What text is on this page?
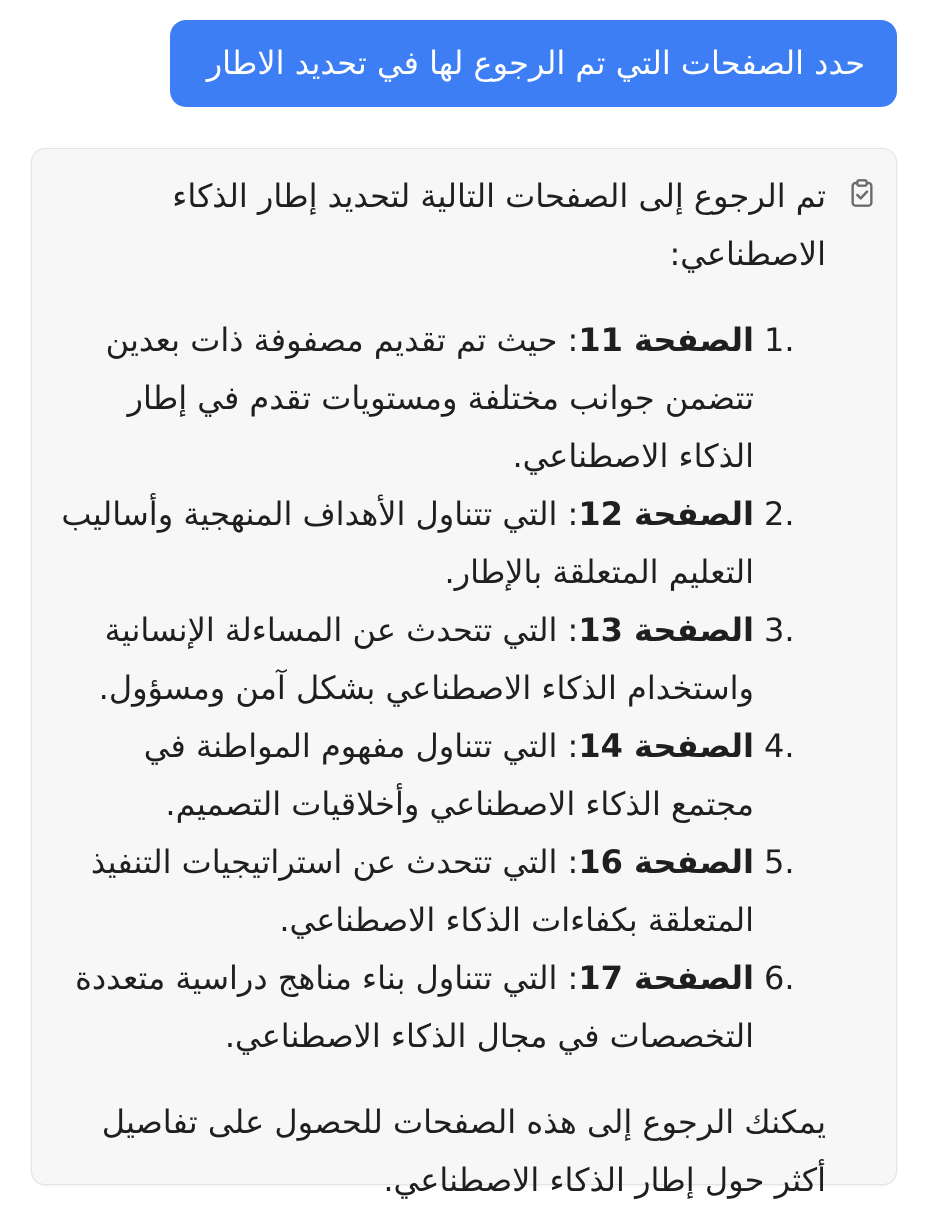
حدد الصفحات التي تم الرجوع لها في تحديد الاطار

تم الرجوع إلى الصفحات التالية لتحديد إطار الذكاء الاصطناعي:

1.
الصفحة 11: حيث تم تقديم مصفوفة ذات بعدين تتضمن جوانب مختلفة ومستويات تقدم في إطار الذكاء الاصطناعي.
2.
الصفحة 12: التي تتناول الأهداف المنهجية وأساليب التعليم المتعلقة بالإطار.
3.
الصفحة 13: التي تتحدث عن المساءلة الإنسانية واستخدام الذكاء الاصطناعي بشكل آمن ومسؤول.
4.
الصفحة 14: التي تتناول مفهوم المواطنة في مجتمع الذكاء الاصطناعي وأخلاقيات التصميم.
5.
الصفحة 16: التي تتحدث عن استراتيجيات التنفيذ المتعلقة بكفاءات الذكاء الاصطناعي.
6.
الصفحة 17: التي تتناول بناء مناهج دراسية متعددة التخصصات في مجال الذكاء الاصطناعي.

يمكنك الرجوع إلى هذه الصفحات للحصول على تفاصيل أكثر حول إطار الذكاء الاصطناعي.
